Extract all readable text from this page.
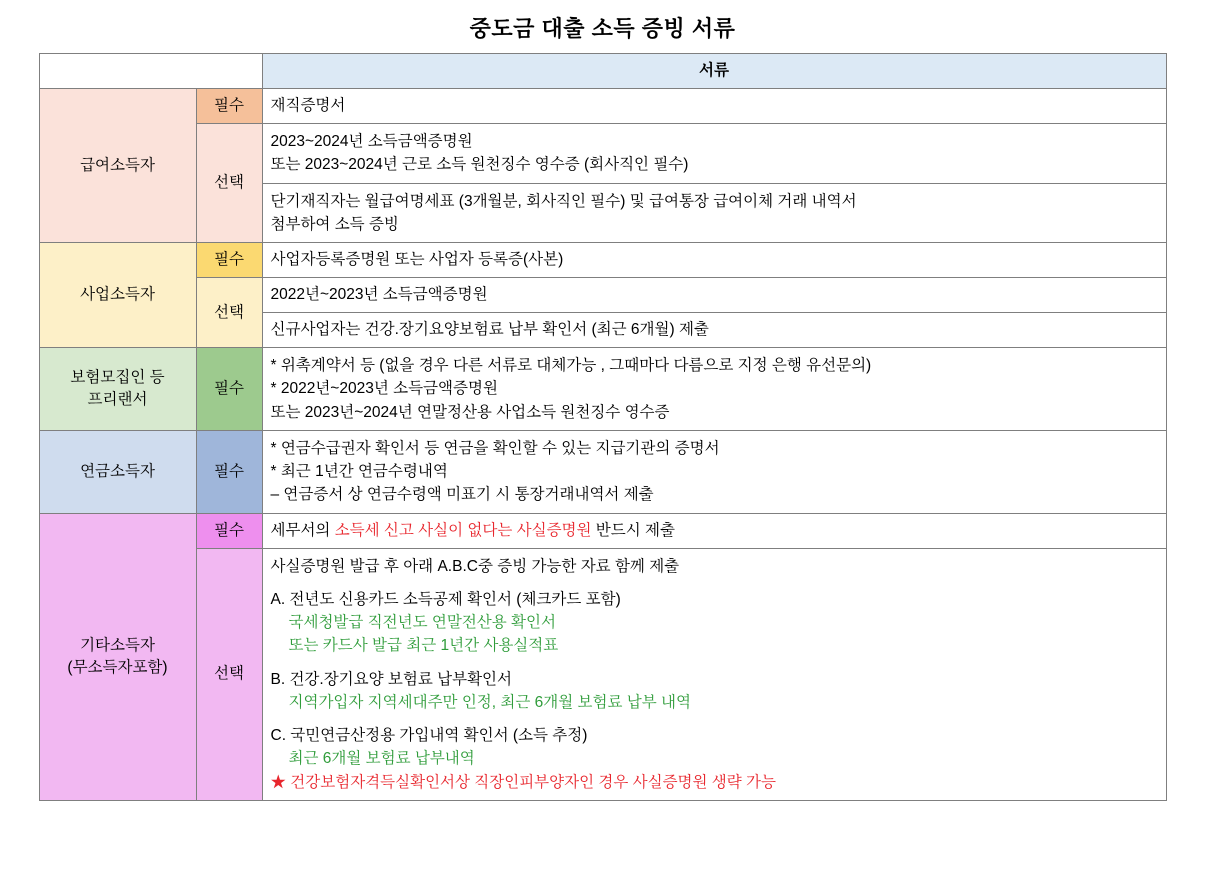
중도금 대출 소득 증빙 서류
		서류
급여소득자	필수	재직증명서
	선택	2023~2024년 소득금액증명원
또는 2023~2024년 근로 소득 원천징수 영수증 (회사직인 필수)

		단기재직자는 월급여명세표 (3개월분, 회사직인 필수) 및 급여통장 급여이체 거래 내역서
첨부하여 소득 증빙

사업소득자	필수	사업자등록증명원 또는 사업자 등록증(사본)
	선택	2022년~2023년 소득금액증명원
		신규사업자는 건강.장기요양보험료 납부 확인서 (최근 6개월) 제출

보험모집인 등
프리랜서	필수	* 위촉계약서 등 (없을 경우 다른 서류로 대체가능 , 그때마다 다름으로 지정 은행 유선문의)
* 2022년~2023년 소득금액증명원
또는 2023년~2024년 연말정산용 사업소득 원천징수 영수증

연금소득자	필수	* 연금수급권자 확인서 등 연금을 확인할 수 있는 지급기관의 증명서
* 최근 1년간 연금수령내역
– 연금증서 상 연금수령액 미표기 시 통장거래내역서 제출

기타소득자
(무소득자포함)	필수	세무서의 소득세 신고 사실이 없다는 사실증명원 반드시 제출
선택	
사실증명원 발급 후 아래 A.B.C중 증빙 가능한 자료 함께 제출
A. 전년도 신용카드 소득공제 확인서 (체크카드 포함)
국세청발급 직전년도 연말전산용 확인서
또는 카드사 발급 최근 1년간 사용실적표
B. 건강.장기요양 보험료 납부확인서
지역가입자 지역세대주만 인정, 최근 6개월 보험료 납부 내역
C. 국민연금산정용 가입내역 확인서 (소득 추정)
최근 6개월 보험료 납부내역
★ 건강보험자격득실확인서상 직장인피부양자인 경우 사실증명원 생략 가능
